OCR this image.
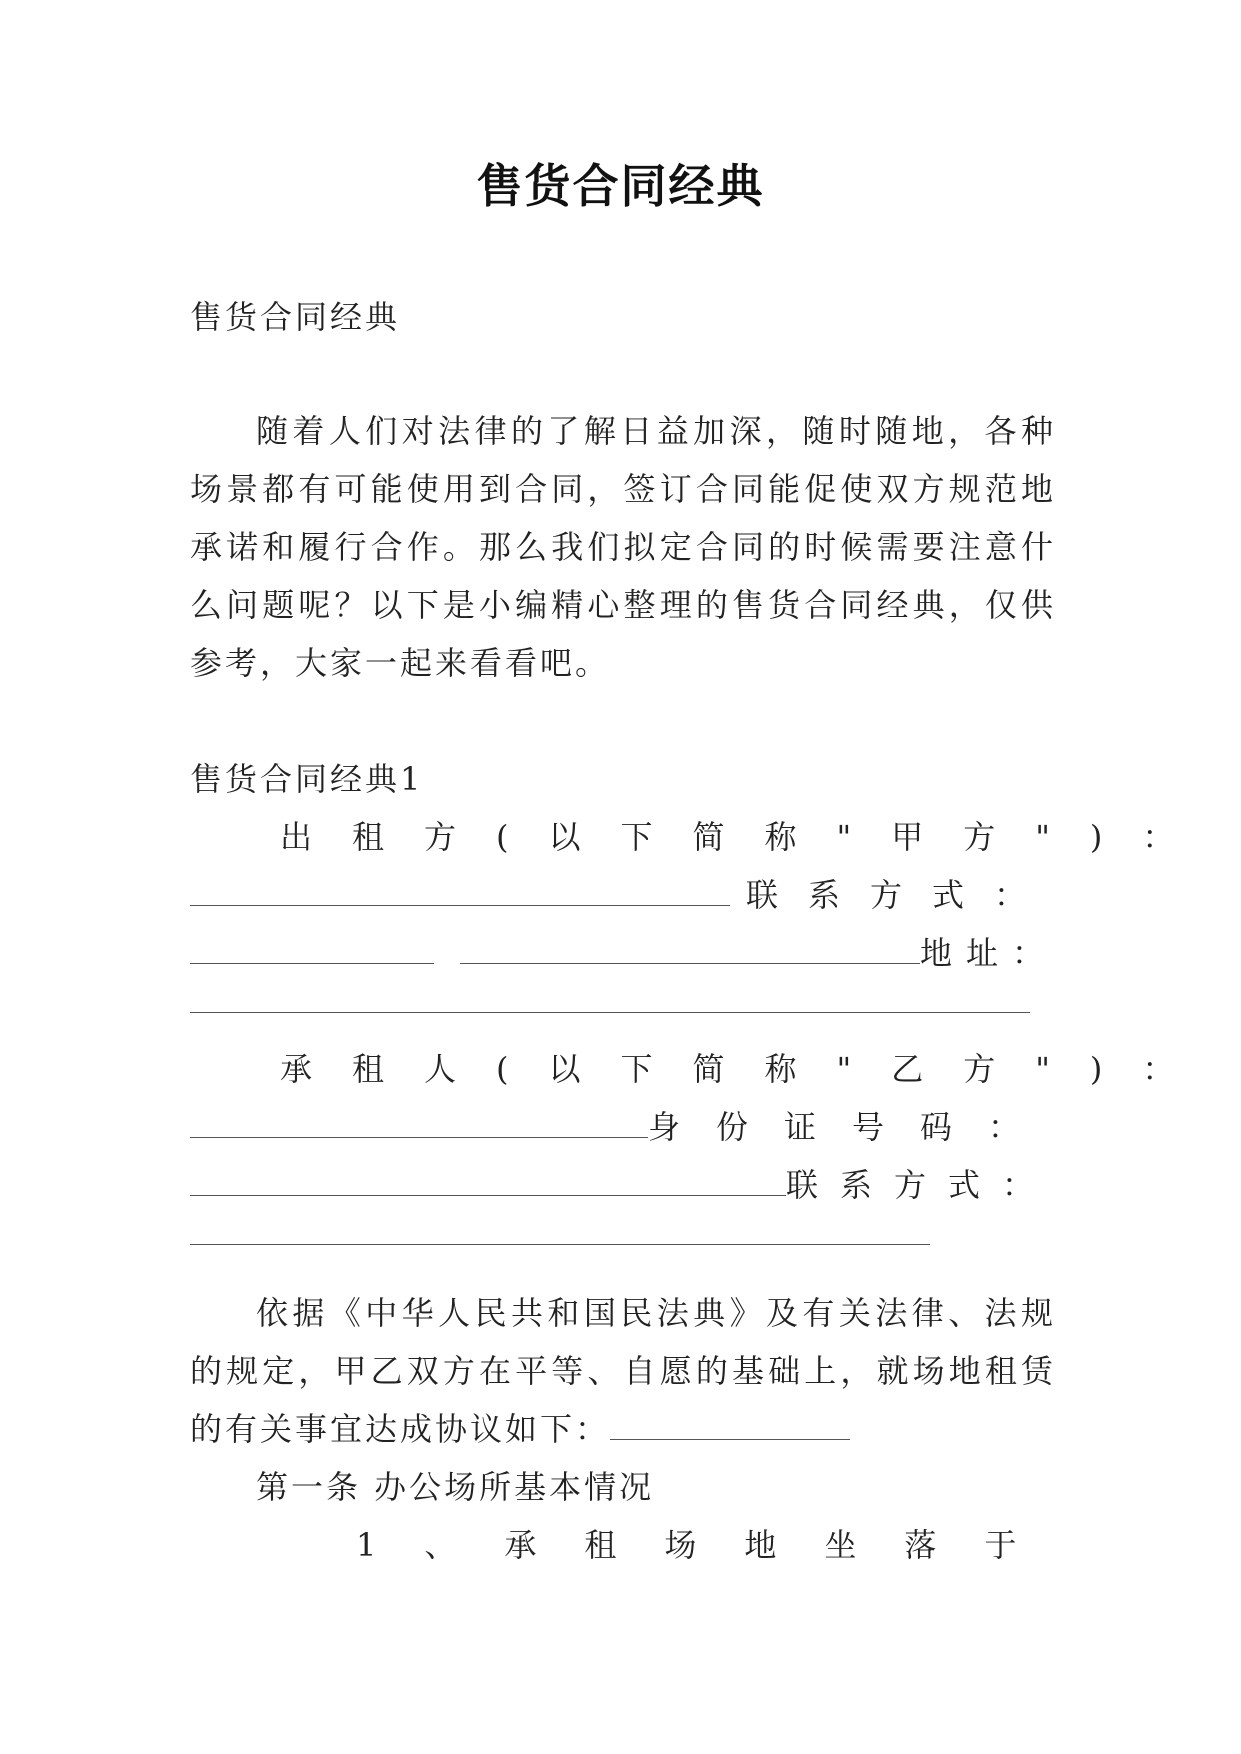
售货合同经典
售货合同经典
随着人们对法律的了解日益加深，随时随地，各种场景都有可能使用到合同，签订合同能促使双方规范地承诺和履行合作。那么我们拟定合同的时候需要注意什么问题呢？以下是小编精心整理的售货合同经典，仅供参考，大家一起来看看吧。
售货合同经典1
出租方(以下简称"甲方")：
联系方式：
地址：
承租人(以下简称"乙方")：
身份证号码：
联系方式：
依据《中华人民共和国民法典》及有关法律、法规的规定，甲乙双方在平等、自愿的基础上，就场地租赁的有关事宜达成协议如下：
第一条 办公场所基本情况
1、承租场地坐落于
